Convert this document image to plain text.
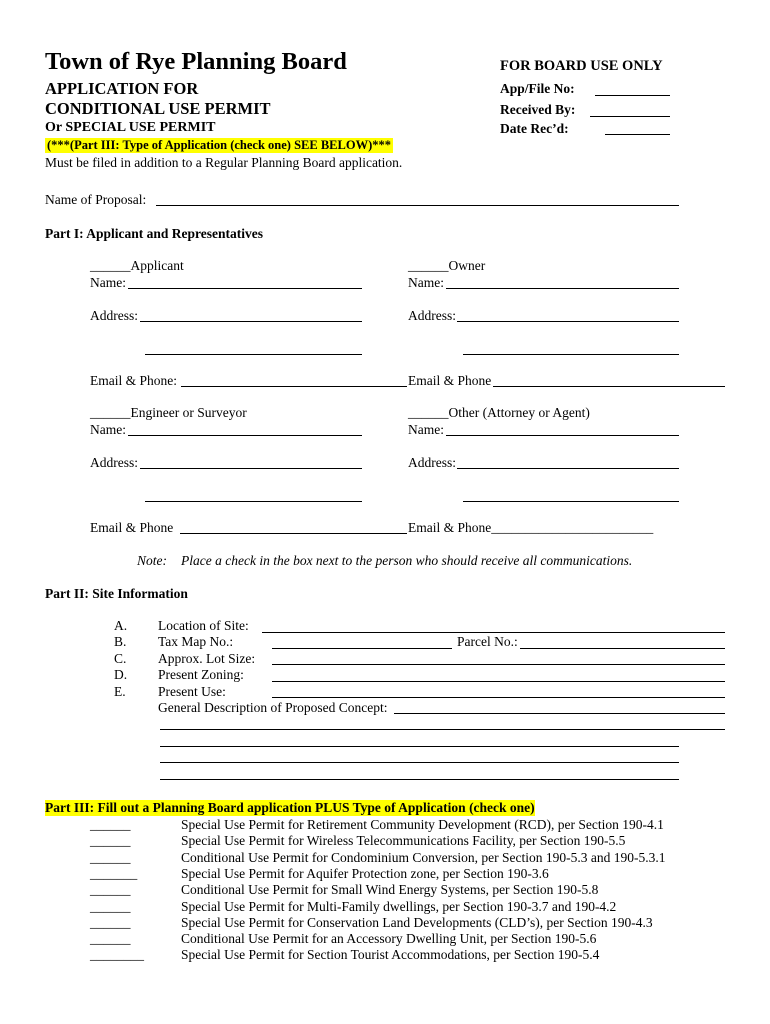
Town of Rye Planning Board
APPLICATION FOR
CONDITIONAL USE PERMIT
Or SPECIAL USE PERMIT
(***(Part III: Type of Application (check one) SEE BELOW)***
Must be filed in addition to a Regular Planning Board application.
FOR BOARD USE ONLY
App/File No:
Received By:
Date Rec’d:
Name of Proposal:
Part I: Applicant and Representatives
______Applicant	______Owner
Name:	Name:
Address:	Address:
Email & Phone:	Email & Phone
______Engineer or Surveyor	______Other (Attorney or Agent)
Name:	Name:
Address:	Address:
Email & Phone	Email & Phone________________________
Note: Place a check in the box next to the person who should receive all communications.
Part II: Site Information
A. Location of Site:
B. Tax Map No.:	Parcel No.:
C. Approx. Lot Size:
D. Present Zoning:
E. Present Use:
General Description of Proposed Concept:
Part III: Fill out a Planning Board application PLUS Type of Application (check one)
______	Special Use Permit for Retirement Community Development (RCD), per Section 190-4.1
______	Special Use Permit for Wireless Telecommunications Facility, per Section 190-5.5
______	Conditional Use Permit for Condominium Conversion, per Section 190-5.3 and 190-5.3.1
_______	Special Use Permit for Aquifer Protection zone, per Section 190-3.6
______	Conditional Use Permit for Small Wind Energy Systems, per Section 190-5.8
______	Special Use Permit for Multi-Family dwellings, per Section 190-3.7 and 190-4.2
______	Special Use Permit for Conservation Land Developments (CLD’s), per Section 190-4.3
______	Conditional Use Permit for an Accessory Dwelling Unit, per Section 190-5.6
________	Special Use Permit for Section Tourist Accommodations, per Section 190-5.4
